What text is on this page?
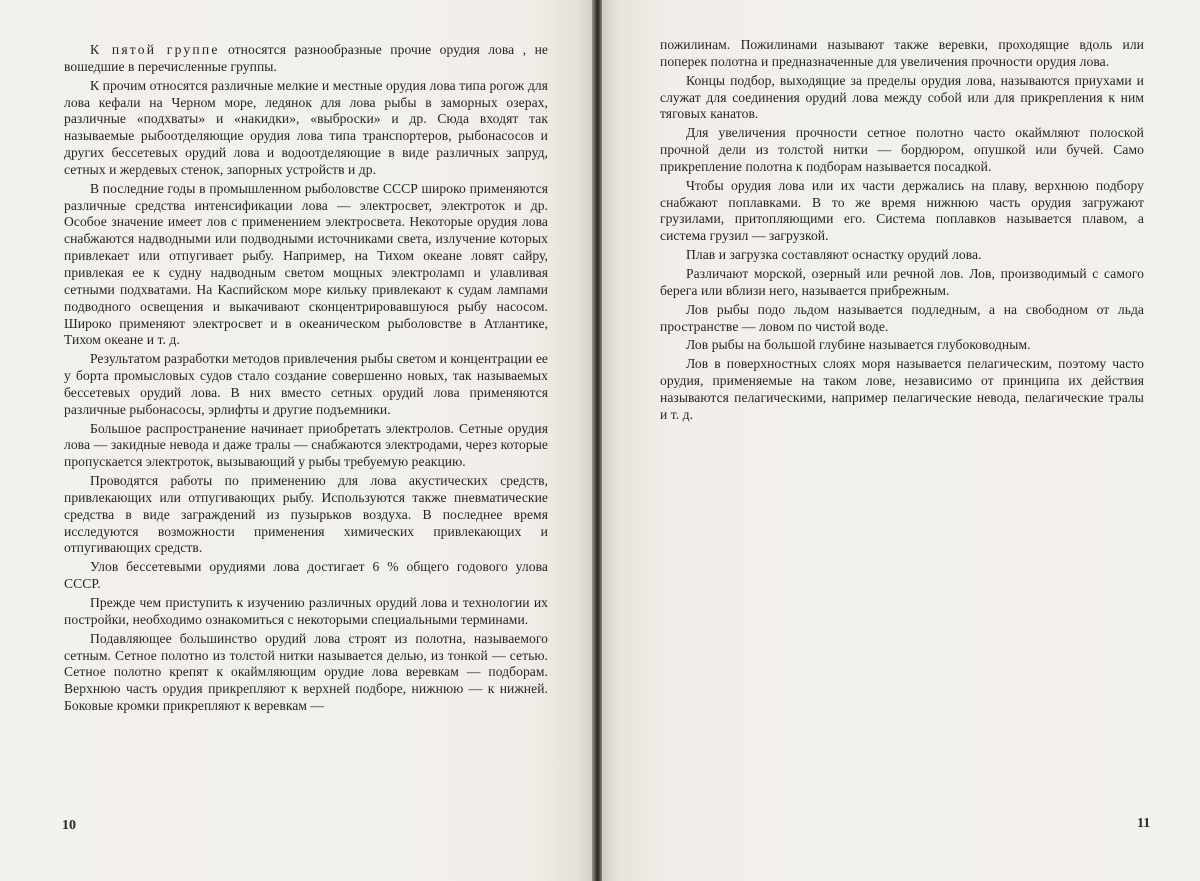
К пятой группе относятся разнообразные прочие орудия лова , не вошедшие в перечисленные группы.

К прочим относятся различные мелкие и местные орудия лова типа рогож для лова кефали на Черном море, ледянок для лова рыбы в заморных озерах, различные «подхваты» и «накидки», «выброски» и др. Сюда входят так называемые рыбоотделяющие орудия лова типа транспортеров, рыбонасосов и других бессетевых орудий лова и водоотделяющие в виде различных запруд, сетных и жердевых стенок, запорных устройств и др.

В последние годы в промышленном рыболовстве СССР широко применяются различные средства интенсификации лова — электросвет, электроток и др. Особое значение имеет лов с применением электросвета. Некоторые орудия лова снабжаются надводными или подводными источниками света, излучение которых привлекает или отпугивает рыбу. Например, на Тихом океане ловят сайру, привлекая ее к судну надводным светом мощных электроламп и улавливая сетными подхватами. На Каспийском море кильку привлекают к судам лампами подводного освещения и выкачивают сконцентрировавшуюся рыбу насосом. Широко применяют электросвет и в океаническом рыболовстве в Атлантике, Тихом океане и т. д.

Результатом разработки методов привлечения рыбы светом и концентрации ее у борта промысловых судов стало создание совершенно новых, так называемых бессетевых орудий лова. В них вместо сетных орудий лова применяются различные рыбонасосы, эрлифты и другие подъемники.

Большое распространение начинает приобретать электролов. Сетные орудия лова — закидные невода и даже тралы — снабжаются электродами, через которые пропускается электроток, вызывающий у рыбы требуемую реакцию.

Проводятся работы по применению для лова акустических средств, привлекающих или отпугивающих рыбу. Используются также пневматические средства в виде заграждений из пузырьков воздуха. В последнее время исследуются возможности применения химических привлекающих и отпугивающих средств.

Улов бессетевыми орудиями лова достигает 6 % общего годового улова СССР.

Прежде чем приступить к изучению различных орудий лова и технологии их постройки, необходимо ознакомиться с некоторыми специальными терминами.

Подавляющее большинство орудий лова строят из полотна, называемого сетным. Сетное полотно из толстой нитки называется делью, из тонкой — сетью. Сетное полотно крепят к окаймляющим орудие лова веревкам — подборам. Верхнюю часть орудия прикрепляют к верхней подборе, нижнюю — к нижней. Боковые кромки прикрепляют к веревкам —

10

пожилинам. Пожилинами называют также веревки, проходящие вдоль или поперек полотна и предназначенные для увеличения прочности орудия лова.

Концы подбор, выходящие за пределы орудия лова, называются приухами и служат для соединения орудий лова между собой или для прикрепления к ним тяговых канатов.

Для увеличения прочности сетное полотно часто окаймляют полоской прочной дели из толстой нитки — бордюром, опушкой или бучей. Само прикрепление полотна к подборам называется посадкой.

Чтобы орудия лова или их части держались на плаву, верхнюю подбору снабжают поплавками. В то же время нижнюю часть орудия загружают грузилами, притопляющими его. Система поплавков называется плавом, а система грузил — загрузкой.

Плав и загрузка составляют оснастку орудий лова.

Различают морской, озерный или речной лов. Лов, производимый с самого берега или вблизи него, называется прибрежным.

Лов рыбы подо льдом называется подледным, а на свободном от льда пространстве — ловом по чистой воде.

Лов рыбы на большой глубине называется глубоководным.

Лов в поверхностных слоях моря называется пелагическим, поэтому часто орудия, применяемые на таком лове, независимо от принципа их действия называются пелагическими, например пелагические невода, пелагические тралы и т. д.

11
